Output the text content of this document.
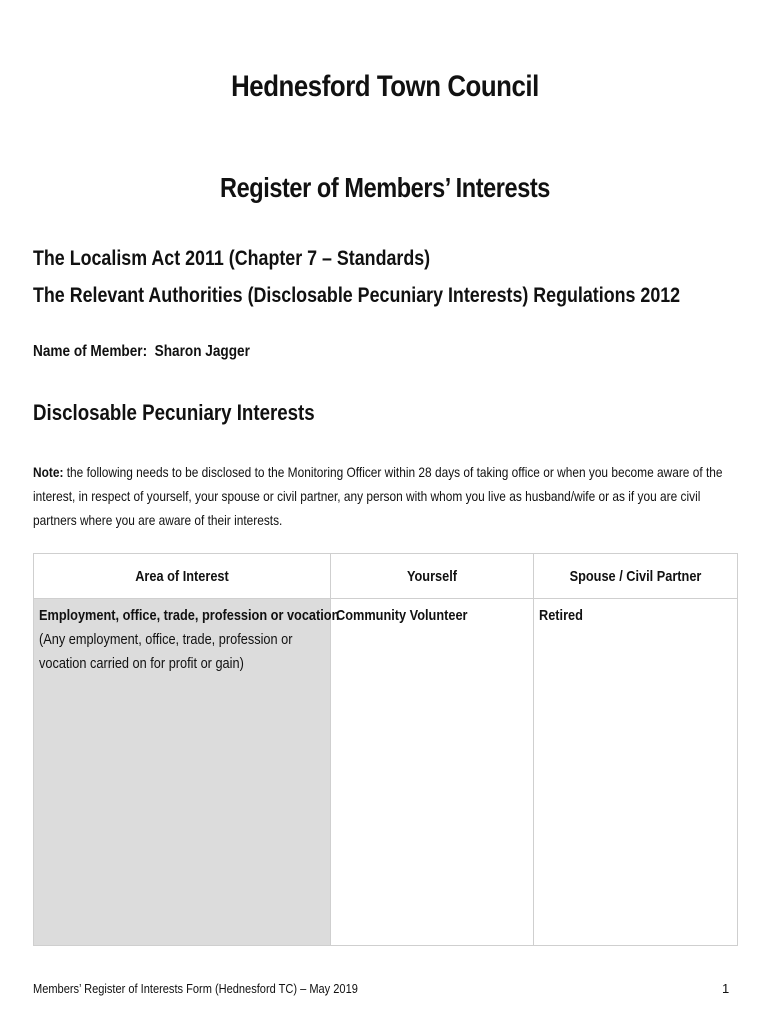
Hednesford Town Council
Register of Members’ Interests
The Localism Act 2011 (Chapter 7 – Standards)
The Relevant Authorities (Disclosable Pecuniary Interests) Regulations 2012
Name of Member: Sharon Jagger
Disclosable Pecuniary Interests
Note: the following needs to be disclosed to the Monitoring Officer within 28 days of taking office or when you become aware of the interest, in respect of yourself, your spouse or civil partner, any person with whom you live as husband/wife or as if you are civil partners where you are aware of their interests.
Area of Interest	Yourself	Spouse / Civil Partner

Employment, office, trade, profession or vocation
(Any employment, office, trade, profession or vocation carried on for profit or gain)	Community Volunteer	Retired
Members’ Register of Interests Form (Hednesford TC) – May 2019	1
